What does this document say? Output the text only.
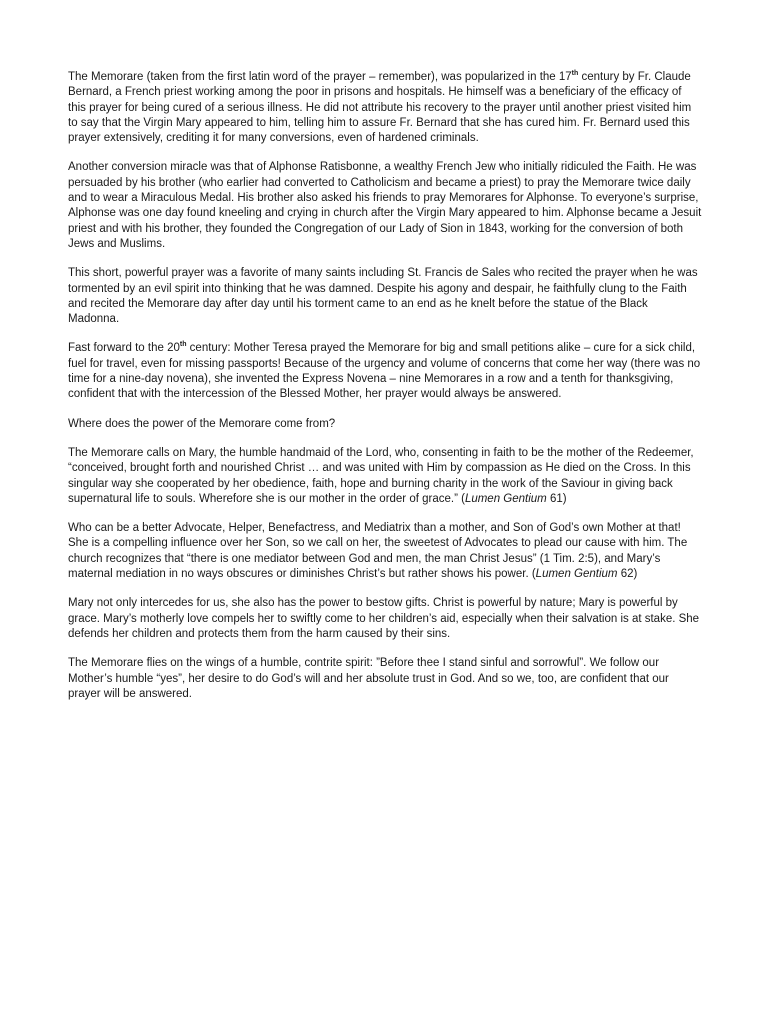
The Memorare (taken from the first latin word of the prayer – remember), was popularized in the 17th century by Fr. Claude Bernard, a French priest working among the poor in prisons and hospitals. He himself was a beneficiary of the efficacy of this prayer for being cured of a serious illness. He did not attribute his recovery to the prayer until another priest visited him to say that the Virgin Mary appeared to him, telling him to assure Fr. Bernard that she has cured him. Fr. Bernard used this prayer extensively, crediting it for many conversions, even of hardened criminals.

Another conversion miracle was that of Alphonse Ratisbonne, a wealthy French Jew who initially ridiculed the Faith. He was persuaded by his brother (who earlier had converted to Catholicism and became a priest) to pray the Memorare twice daily and to wear a Miraculous Medal. His brother also asked his friends to pray Memorares for Alphonse. To everyone’s surprise, Alphonse was one day found kneeling and crying in church after the Virgin Mary appeared to him. Alphonse became a Jesuit priest and with his brother, they founded the Congregation of our Lady of Sion in 1843, working for the conversion of both Jews and Muslims.

This short, powerful prayer was a favorite of many saints including St. Francis de Sales who recited the prayer when he was tormented by an evil spirit into thinking that he was damned. Despite his agony and despair, he faithfully clung to the Faith and recited the Memorare day after day until his torment came to an end as he knelt before the statue of the Black Madonna.

Fast forward to the 20th century: Mother Teresa prayed the Memorare for big and small petitions alike – cure for a sick child, fuel for travel, even for missing passports! Because of the urgency and volume of concerns that come her way (there was no time for a nine-day novena), she invented the Express Novena – nine Memorares in a row and a tenth for thanksgiving, confident that with the intercession of the Blessed Mother, her prayer would always be answered.

Where does the power of the Memorare come from?

The Memorare calls on Mary, the humble handmaid of the Lord, who, consenting in faith to be the mother of the Redeemer, “conceived, brought forth and nourished Christ … and was united with Him by compassion as He died on the Cross. In this singular way she cooperated by her obedience, faith, hope and burning charity in the work of the Saviour in giving back supernatural life to souls. Wherefore she is our mother in the order of grace.” (Lumen Gentium 61)

Who can be a better Advocate, Helper, Benefactress, and Mediatrix than a mother, and Son of God’s own Mother at that! She is a compelling influence over her Son, so we call on her, the sweetest of Advocates to plead our cause with him. The church recognizes that “there is one mediator between God and men, the man Christ Jesus” (1 Tim. 2:5), and Mary’s maternal mediation in no ways obscures or diminishes Christ’s but rather shows his power. (Lumen Gentium 62)

Mary not only intercedes for us, she also has the power to bestow gifts. Christ is powerful by nature; Mary is powerful by grace. Mary’s motherly love compels her to swiftly come to her children’s aid, especially when their salvation is at stake. She defends her children and protects them from the harm caused by their sins.

The Memorare flies on the wings of a humble, contrite spirit: ”Before thee I stand sinful and sorrowful”. We follow our Mother’s humble “yes”, her desire to do God’s will and her absolute trust in God. And so we, too, are confident that our prayer will be answered.
